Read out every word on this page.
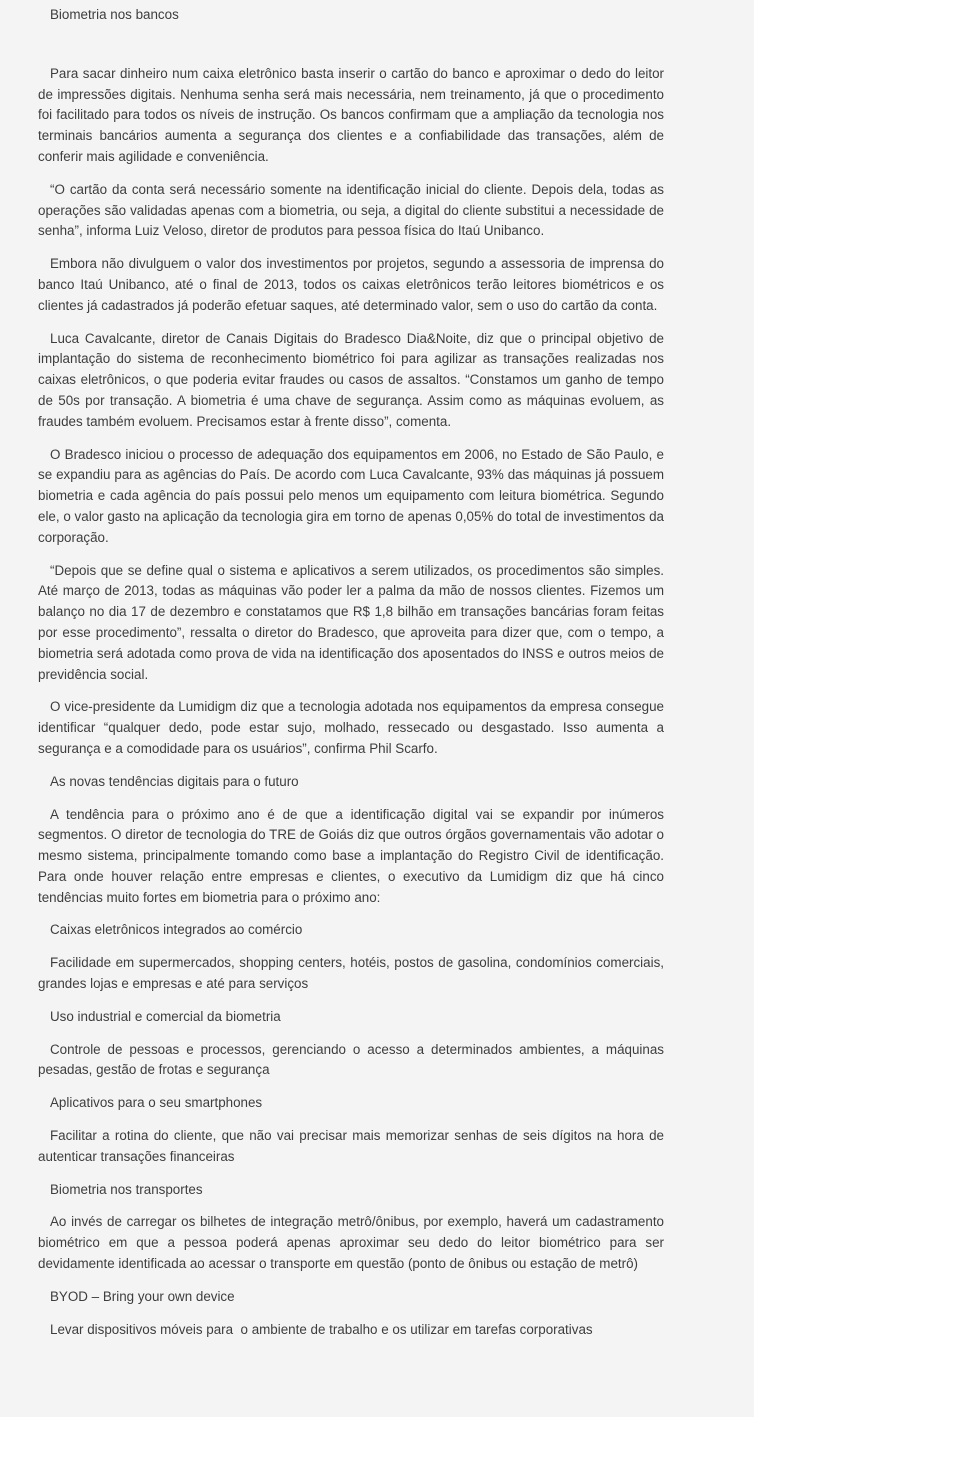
Biometria nos bancos

Para sacar dinheiro num caixa eletrônico basta inserir o cartão do banco e aproximar o dedo do leitor de impressões digitais. Nenhuma senha será mais necessária, nem treinamento, já que o procedimento foi facilitado para todos os níveis de instrução. Os bancos confirmam que a ampliação da tecnologia nos terminais bancários aumenta a segurança dos clientes e a confiabilidade das transações, além de conferir mais agilidade e conveniência.

“O cartão da conta será necessário somente na identificação inicial do cliente. Depois dela, todas as operações são validadas apenas com a biometria, ou seja, a digital do cliente substitui a necessidade de senha”, informa Luiz Veloso, diretor de produtos para pessoa física do Itaú Unibanco.

Embora não divulguem o valor dos investimentos por projetos, segundo a assessoria de imprensa do banco Itaú Unibanco, até o final de 2013, todos os caixas eletrônicos terão leitores biométricos e os clientes já cadastrados já poderão efetuar saques, até determinado valor, sem o uso do cartão da conta.

Luca Cavalcante, diretor de Canais Digitais do Bradesco Dia&Noite, diz que o principal objetivo de implantação do sistema de reconhecimento biométrico foi para agilizar as transações realizadas nos caixas eletrônicos, o que poderia evitar fraudes ou casos de assaltos. “Constamos um ganho de tempo de 50s por transação. A biometria é uma chave de segurança. Assim como as máquinas evoluem, as fraudes também evoluem. Precisamos estar à frente disso”, comenta.

O Bradesco iniciou o processo de adequação dos equipamentos em 2006, no Estado de São Paulo, e se expandiu para as agências do País. De acordo com Luca Cavalcante, 93% das máquinas já possuem biometria e cada agência do país possui pelo menos um equipamento com leitura biométrica. Segundo ele, o valor gasto na aplicação da tecnologia gira em torno de apenas 0,05% do total de investimentos da corporação.

“Depois que se define qual o sistema e aplicativos a serem utilizados, os procedimentos são simples. Até março de 2013, todas as máquinas vão poder ler a palma da mão de nossos clientes. Fizemos um balanço no dia 17 de dezembro e constatamos que R$ 1,8 bilhão em transações bancárias foram feitas por esse procedimento”, ressalta o diretor do Bradesco, que aproveita para dizer que, com o tempo, a biometria será adotada como prova de vida na identificação dos aposentados do INSS e outros meios de previdência social.

O vice-presidente da Lumidigm diz que a tecnologia adotada nos equipamentos da empresa consegue identificar “qualquer dedo, pode estar sujo, molhado, ressecado ou desgastado. Isso aumenta a segurança e a comodidade para os usuários”, confirma Phil Scarfo.

As novas tendências digitais para o futuro

A tendência para o próximo ano é de que a identificação digital vai se expandir por inúmeros segmentos. O diretor de tecnologia do TRE de Goiás diz que outros órgãos governamentais vão adotar o mesmo sistema, principalmente tomando como base a implantação do Registro Civil de identificação. Para onde houver relação entre empresas e clientes, o executivo da Lumidigm diz que há cinco tendências muito fortes em biometria para o próximo ano:

Caixas eletrônicos integrados ao comércio

Facilidade em supermercados, shopping centers, hotéis, postos de gasolina, condomínios comerciais, grandes lojas e empresas e até para serviços

Uso industrial e comercial da biometria

Controle de pessoas e processos, gerenciando o acesso a determinados ambientes, a máquinas pesadas, gestão de frotas e segurança

Aplicativos para o seu smartphones

Facilitar a rotina do cliente, que não vai precisar mais memorizar senhas de seis dígitos na hora de autenticar transações financeiras

Biometria nos transportes

Ao invés de carregar os bilhetes de integração metrô/ônibus, por exemplo, haverá um cadastramento biométrico em que a pessoa poderá apenas aproximar seu dedo do leitor biométrico para ser devidamente identificada ao acessar o transporte em questão (ponto de ônibus ou estação de metrô)

BYOD – Bring your own device

Levar dispositivos móveis para  o ambiente de trabalho e os utilizar em tarefas corporativas
